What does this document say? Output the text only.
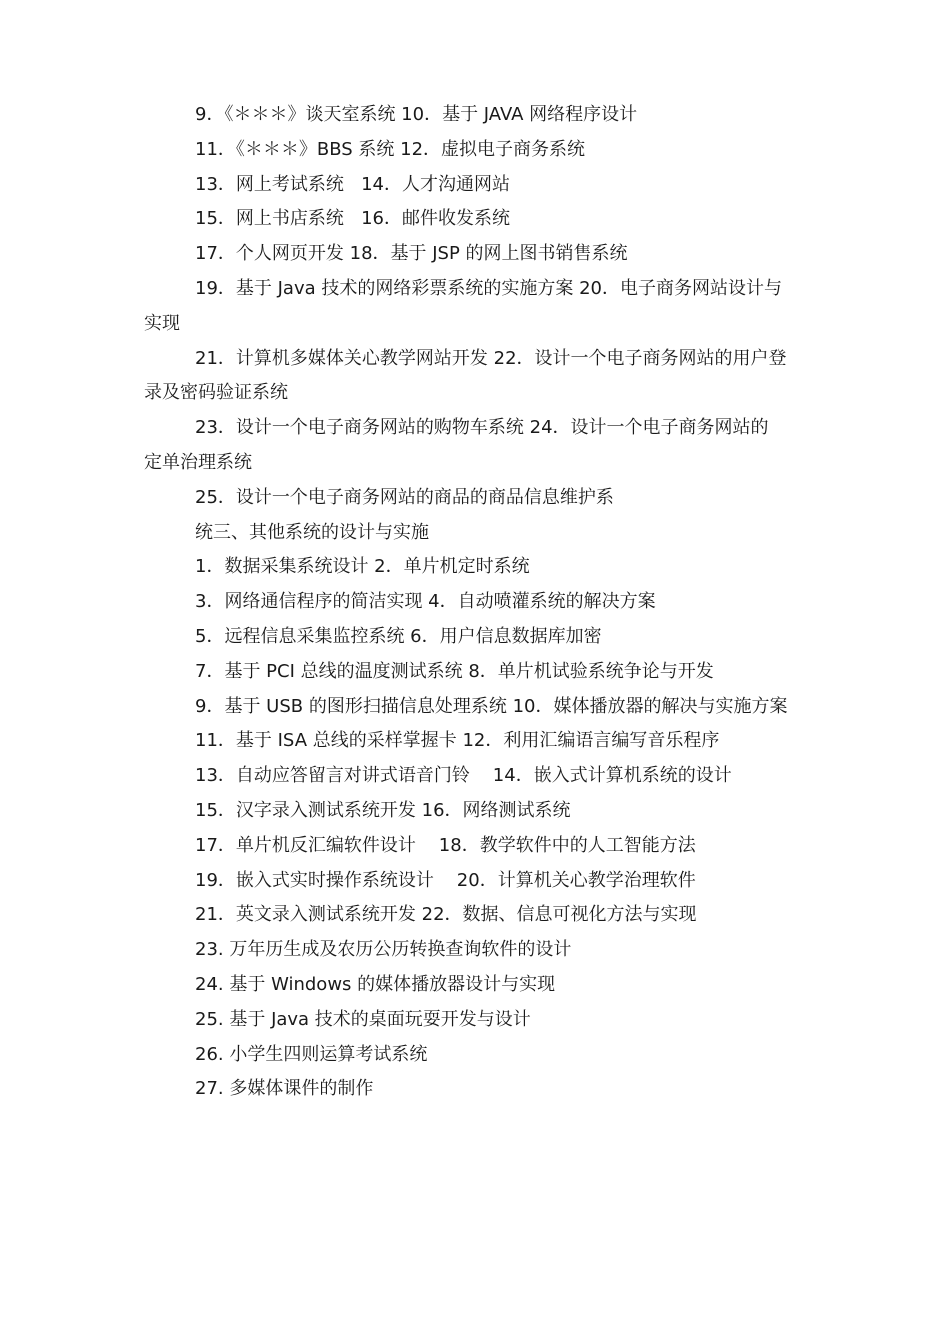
9．《＊＊＊》谈天室系统 10．基于 JAVA 网络程序设计

11．《＊＊＊》BBS 系统 12．虚拟电子商务系统

13．网上考试系统   14．人才沟通网站

15．网上书店系统   16．邮件收发系统

17．个人网页开发 18．基于 JSP 的网上图书销售系统

19．基于 Java 技术的网络彩票系统的实施方案 20．电子商务网站设计与

实现

21．计算机多媒体关心教学网站开发 22．设计一个电子商务网站的用户登

录及密码验证系统

23．设计一个电子商务网站的购物车系统 24．设计一个电子商务网站的

定单治理系统

25．设计一个电子商务网站的商品的商品信息维护系

统三、其他系统的设计与实施

1．数据采集系统设计 2．单片机定时系统

3．网络通信程序的简洁实现 4．自动喷灌系统的解决方案

5．远程信息采集监控系统 6．用户信息数据库加密

7．基于 PCI 总线的温度测试系统 8．单片机试验系统争论与开发

9．基于 USB 的图形扫描信息处理系统 10．媒体播放器的解决与实施方案

11．基于 ISA 总线的采样掌握卡 12．利用汇编语言编写音乐程序

13．自动应答留言对讲式语音门铃    14．嵌入式计算机系统的设计

15．汉字录入测试系统开发 16．网络测试系统

17．单片机反汇编软件设计    18．教学软件中的人工智能方法

19．嵌入式实时操作系统设计    20．计算机关心教学治理软件

21．英文录入测试系统开发 22．数据、信息可视化方法与实现

23. 万年历生成及农历公历转换查询软件的设计

24. 基于 Windows 的媒体播放器设计与实现

25. 基于 Java 技术的桌面玩耍开发与设计

26. 小学生四则运算考试系统

27. 多媒体课件的制作
